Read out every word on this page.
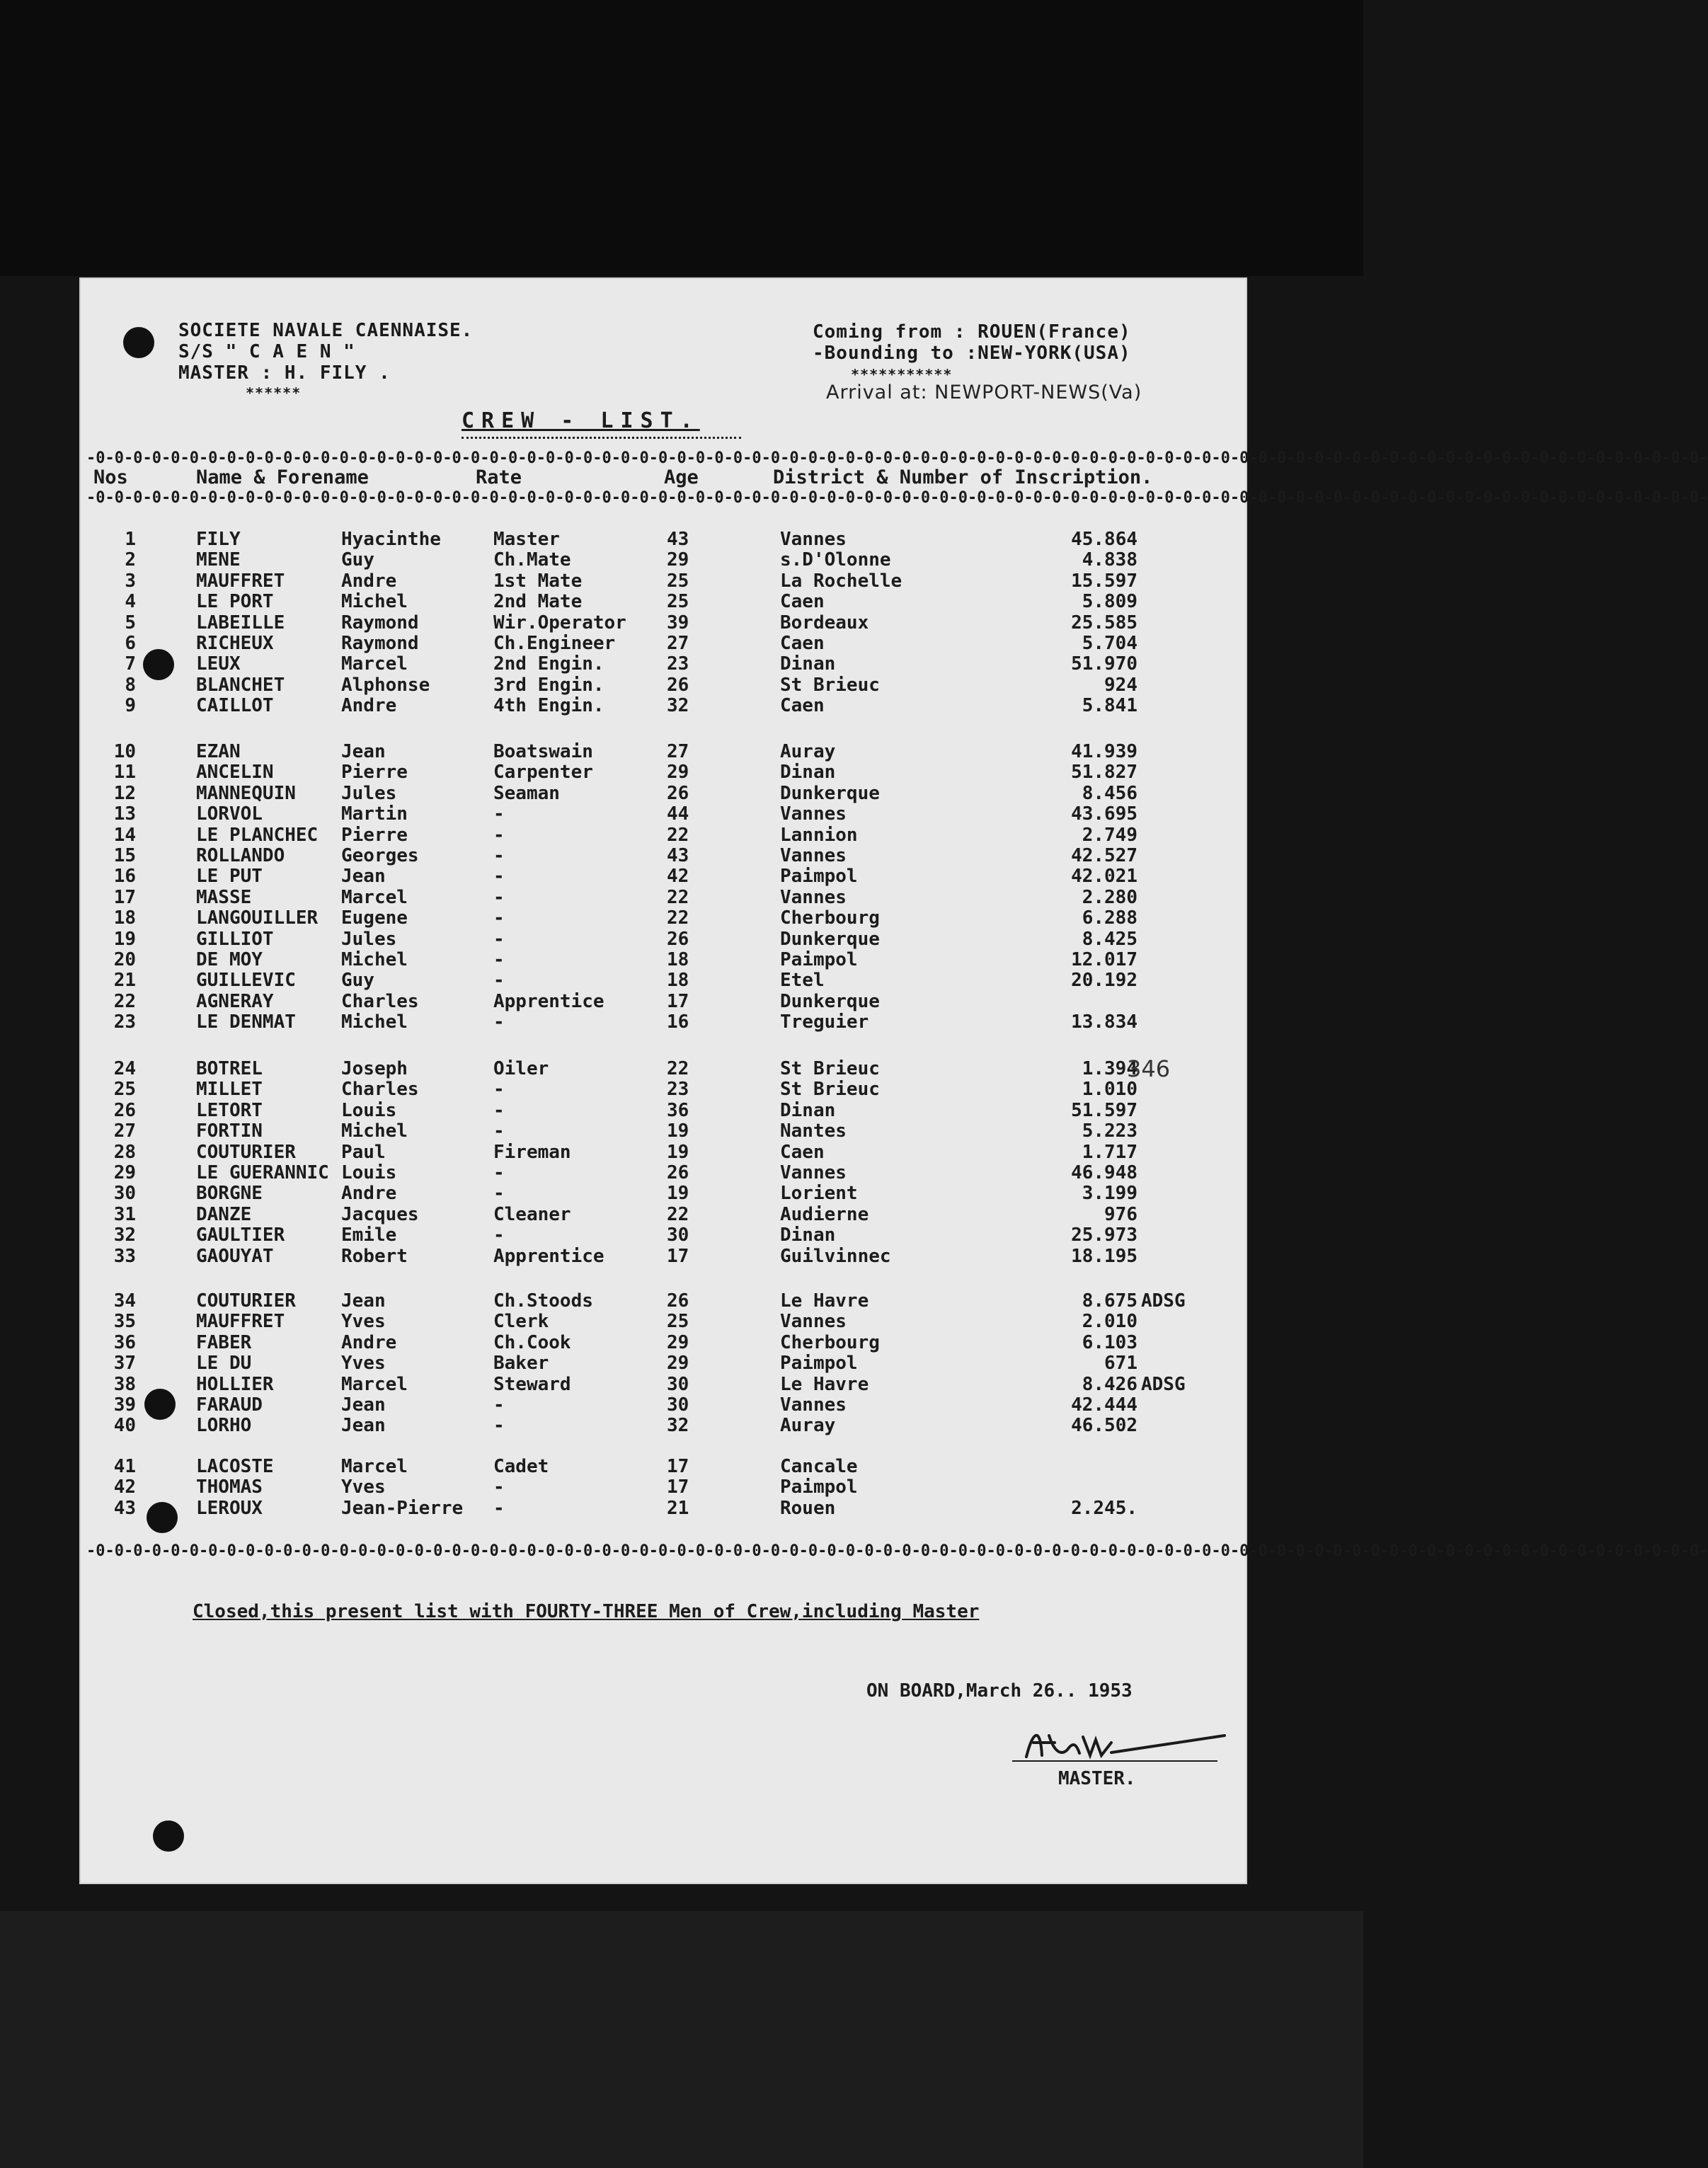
SOCIETE NAVALE CAENNAISE.
S/S " C A E N "
MASTER : H. FILY .
******
Coming from : ROUEN(France)
-Bounding to :NEW-YORK(USA)
***********
Arrival at: NEWPORT-NEWS(Va)
CREW - LIST.
-0-0-0-0-0-0-0-0-0-0-0-0-0-0-0-0-0-0-0-0-0-0-0-0-0-0-0-0-0-0-0-0-0-0-0-0-0-0-0-0-0-0-0-0-0-0-0-0-0-0-0-0-0-0-0-0-0-0-0-0-0-0-0-0-0-0-0-0-0-0-0-0-0-0-0-0-0-0-0-0-0-0-0-0-0-0-
Nos	Name & Forename	Rate	Age	District & Number of Inscription.
-0-0-0-0-0-0-0-0-0-0-0-0-0-0-0-0-0-0-0-0-0-0-0-0-0-0-0-0-0-0-0-0-0-0-0-0-0-0-0-0-0-0-0-0-0-0-0-0-0-0-0-0-0-0-0-0-0-0-0-0-0-0-0-0-0-0-0-0-0-0-0-0-0-0-0-0-0-0-0-0-0-0-0-0-0-0-
1	FILY	Hyacinthe	Master	43	Vannes	45.864
2	MENE	Guy	Ch.Mate	29	s.D'Olonne	4.838
3	MAUFFRET	Andre	1st Mate	25	La Rochelle	15.597
4	LE PORT	Michel	2nd Mate	25	Caen	5.809
5	LABEILLE	Raymond	Wir.Operator 39	Bordeaux	25.585
6	RICHEUX	Raymond	Ch.Engineer	27	Caen	5.704
7	LEUX	Marcel	2nd Engin.	23	Dinan	51.970
8	BLANCHET	Alphonse	3rd Engin.	26	St Brieuc	924
9	CAILLOT	Andre	4th Engin.	32	Caen	5.841
10	EZAN	Jean	Boatswain	27	Auray	41.939
11	ANCELIN	Pierre	Carpenter	29	Dinan	51.827
12	MANNEQUIN Jules	Seaman	26	Dunkerque	8.456
13	LORVOL	Martin	-	44	Vannes	43.695
14	LE PLANCHEC Pierre	-	22	Lannion	2.749
15	ROLLANDO	Georges	-	43	Vannes	42.527
16	LE PUT	Jean	-	42	Paimpol	42.021
17	MASSE	Marcel	-	22	Vannes	2.280
18	LANGOUILLER Eugene	-	22	Cherbourg	6.288
19	GILLIOT	Jules	-	26	Dunkerque	8.425
20	DE MOY	Michel	-	18	Paimpol	12.017
21	GUILLEVIC Guy	-	18	Etel	20.192
22	AGNERAY	Charles	Apprentice	17	Dunkerque
23	LE DENMAT Michel	-	16	Treguier	13.834
24	BOTREL	Joseph	Oiler	22	St Brieuc	1.394
25	MILLET	Charles	-	23	St Brieuc	1.010
26	LETORT	Louis	-	36	Dinan	51.597
27	FORTIN	Michel	-	19	Nantes	5.223
28	COUTURIER Paul	Fireman	19	Caen	1.717
29	LE GUERANNIC Louis	-	26	Vannes	46.948
30	BORGNE	Andre	-	19	Lorient	3.199
31	DANZE	Jacques	Cleaner	22	Audierne	976
32	GAULTIER	Emile	-	30	Dinan	25.973
33	GAOUYAT	Robert	Apprentice	17	Guilvinnec	18.195
34	COUTURIER Jean	Ch.Stoods	26	Le Havre	8.675 ADSG
35	MAUFFRET	Yves	Clerk	25	Vannes	2.010
36	FABER	Andre	Ch.Cook	29	Cherbourg	6.103
37	LE DU	Yves	Baker	29	Paimpol	671
38	HOLLIER	Marcel	Steward	30	Le Havre	8.426 ADSG
39	FARAUD	Jean	-	30	Vannes	42.444
40	LORHO	Jean	-	32	Auray	46.502
41	LACOSTE	Marcel	Cadet	17	Cancale
42	THOMAS	Yves	-	17	Paimpol
43	LEROUX	Jean-Pierre -	21	Rouen	2.245.
346
-0-0-0-0-0-0-0-0-0-0-0-0-0-0-0-0-0-0-0-0-0-0-0-0-0-0-0-0-0-0-0-0-0-0-0-0-0-0-0-0-0-0-0-0-0-0-0-0-0-0-0-0-0-0-0-0-0-0-0-0-0-0-0-0-0-0-0-0-0-0-0-0-0-0-0-0-0-0-0-0-0-0-0-0-0-0-
Closed,this present list with FOURTY-THREE Men of Crew,including Master
ON BOARD,March 26.. 1953
MASTER.
